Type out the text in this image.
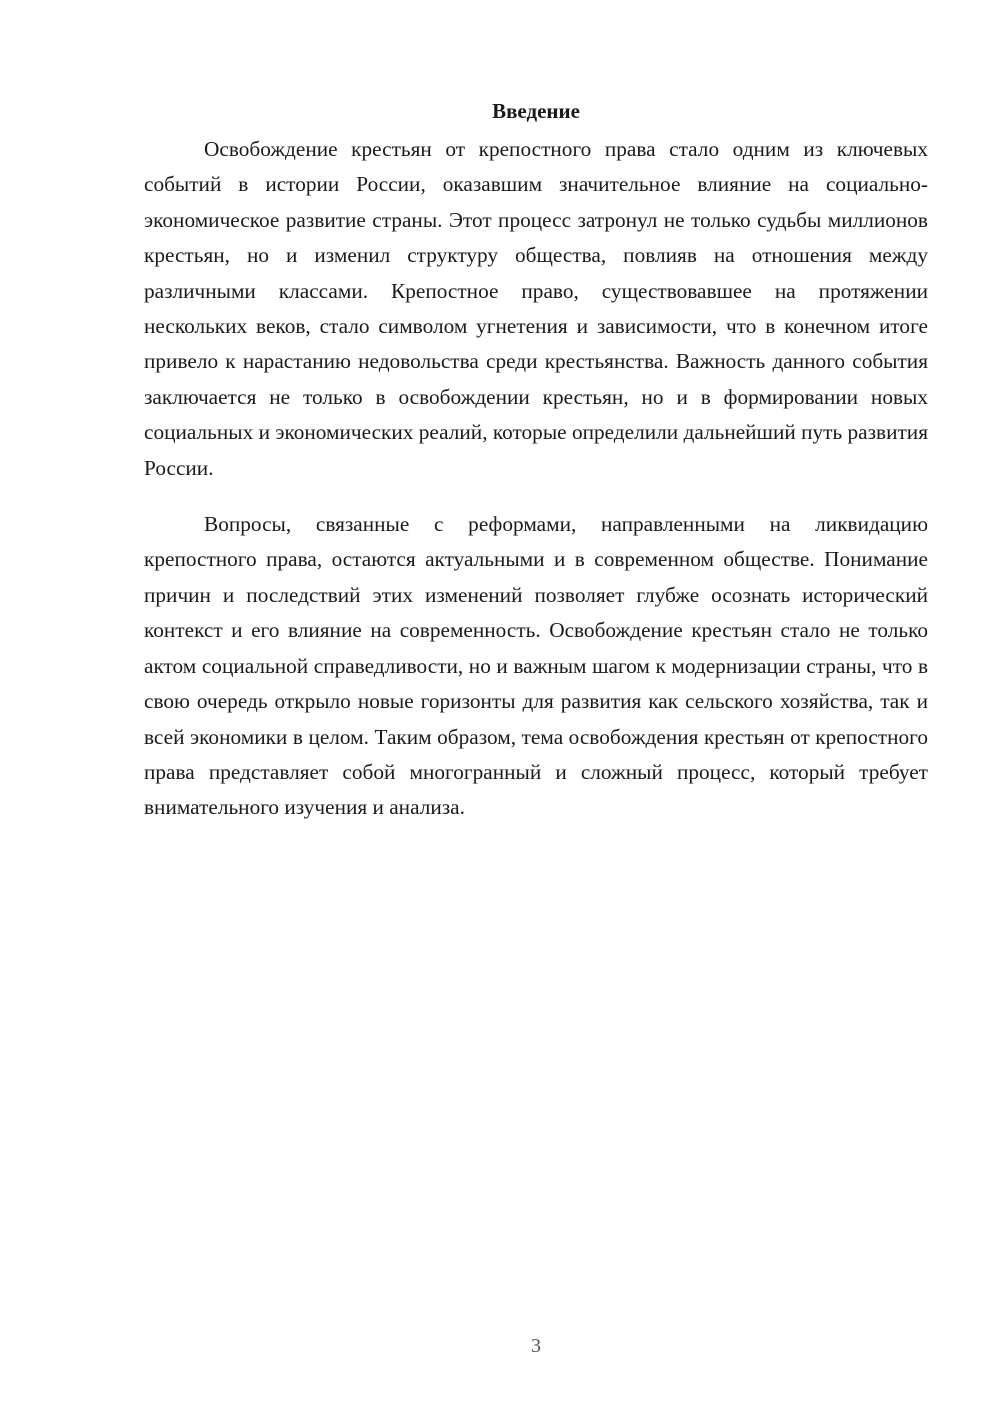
Введение

Освобождение крестьян от крепостного права стало одним из ключевых событий в истории России, оказавшим значительное влияние на социально-экономическое развитие страны. Этот процесс затронул не только судьбы миллионов крестьян, но и изменил структуру общества, повлияв на отношения между различными классами. Крепостное право, существовавшее на протяжении нескольких веков, стало символом угнетения и зависимости, что в конечном итоге привело к нарастанию недовольства среди крестьянства. Важность данного события заключается не только в освобождении крестьян, но и в формировании новых социальных и экономических реалий, которые определили дальнейший путь развития России.

Вопросы, связанные с реформами, направленными на ликвидацию крепостного права, остаются актуальными и в современном обществе. Понимание причин и последствий этих изменений позволяет глубже осознать исторический контекст и его влияние на современность. Освобождение крестьян стало не только актом социальной справедливости, но и важным шагом к модернизации страны, что в свою очередь открыло новые горизонты для развития как сельского хозяйства, так и всей экономики в целом. Таким образом, тема освобождения крестьян от крепостного права представляет собой многогранный и сложный процесс, который требует внимательного изучения и анализа.

3
